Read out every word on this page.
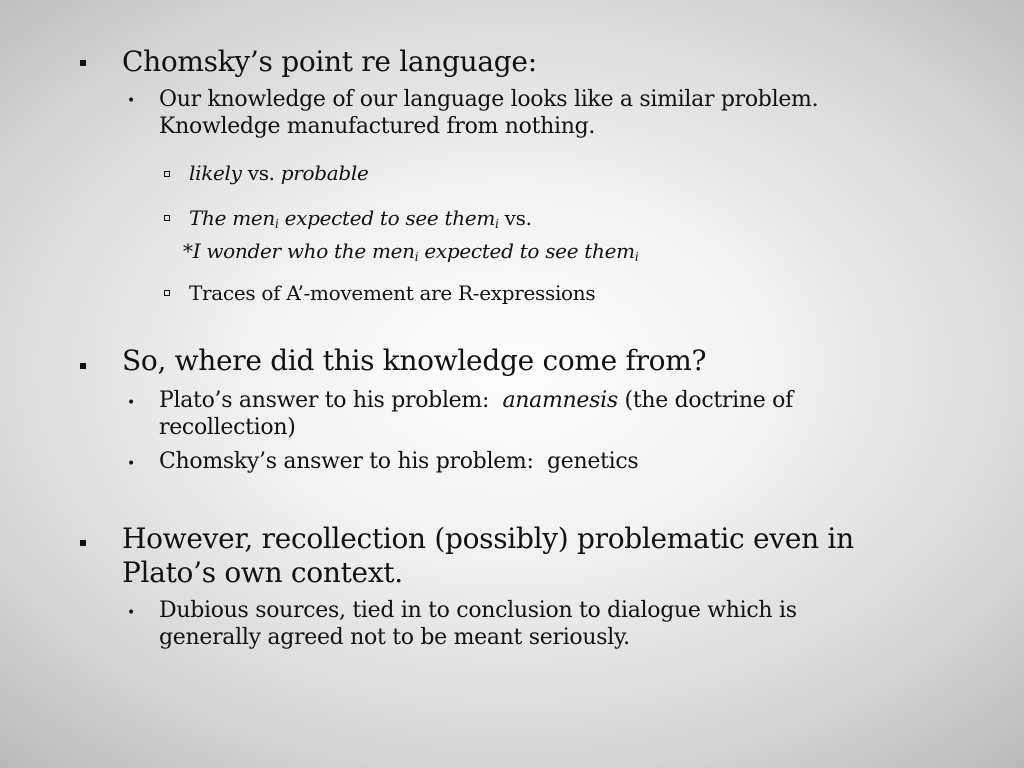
Chomsky’s point re language:
• Our knowledge of our language looks like a similar problem.
Knowledge manufactured from nothing.
likely vs. probable
The men$_i$ expected to see them$_i$ vs.
*I wonder who the men$_i$ expected to see them$_i$
Traces of A’-movement are R-expressions
So, where did this knowledge come from?
• Plato’s answer to his problem:  anamnesis (the doctrine of
recollection)
• Chomsky’s answer to his problem:  genetics
However, recollection (possibly) problematic even in
Plato’s own context.
• Dubious sources, tied in to conclusion to dialogue which is
generally agreed not to be meant seriously.
